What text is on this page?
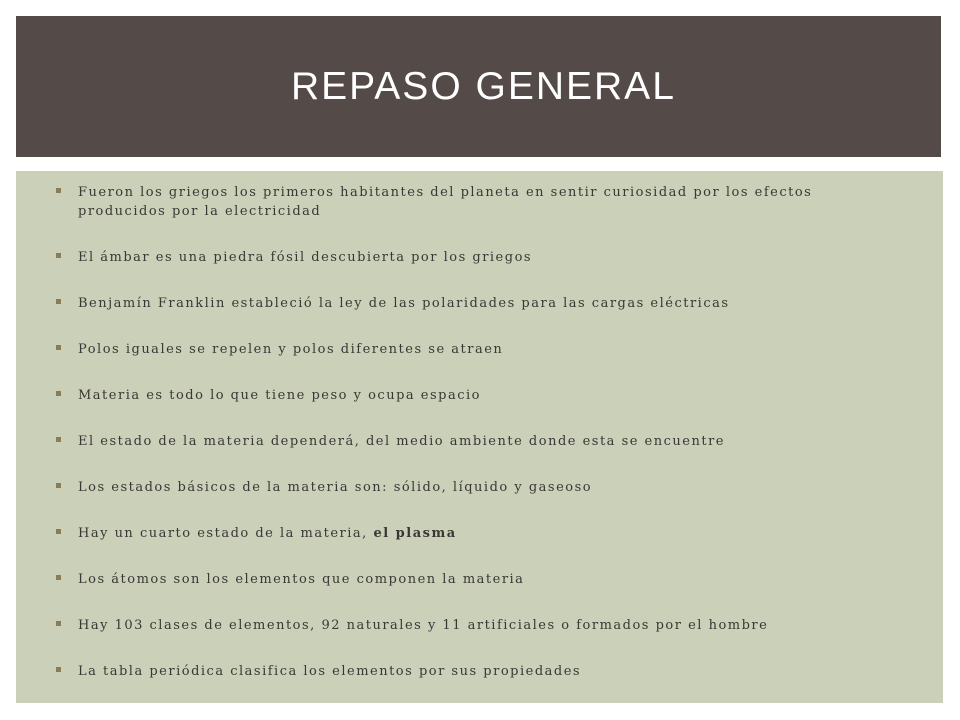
REPASO GENERAL
Fueron los griegos los primeros habitantes del planeta en sentir curiosidad por los efectos producidos por la electricidad
El ámbar es una piedra fósil descubierta por los griegos
Benjamín Franklin estableció la ley de las polaridades para las cargas eléctricas
Polos iguales se repelen y polos diferentes se atraen
Materia es todo lo que tiene peso y ocupa espacio
El estado de la materia dependerá, del medio ambiente donde esta se encuentre
Los estados básicos de la materia son: sólido, líquido y gaseoso
Hay un cuarto estado de la materia, el plasma
Los átomos son los elementos que componen la materia
Hay 103 clases de elementos, 92 naturales y 11 artificiales o formados por el hombre
La tabla periódica clasifica los elementos por sus propiedades
